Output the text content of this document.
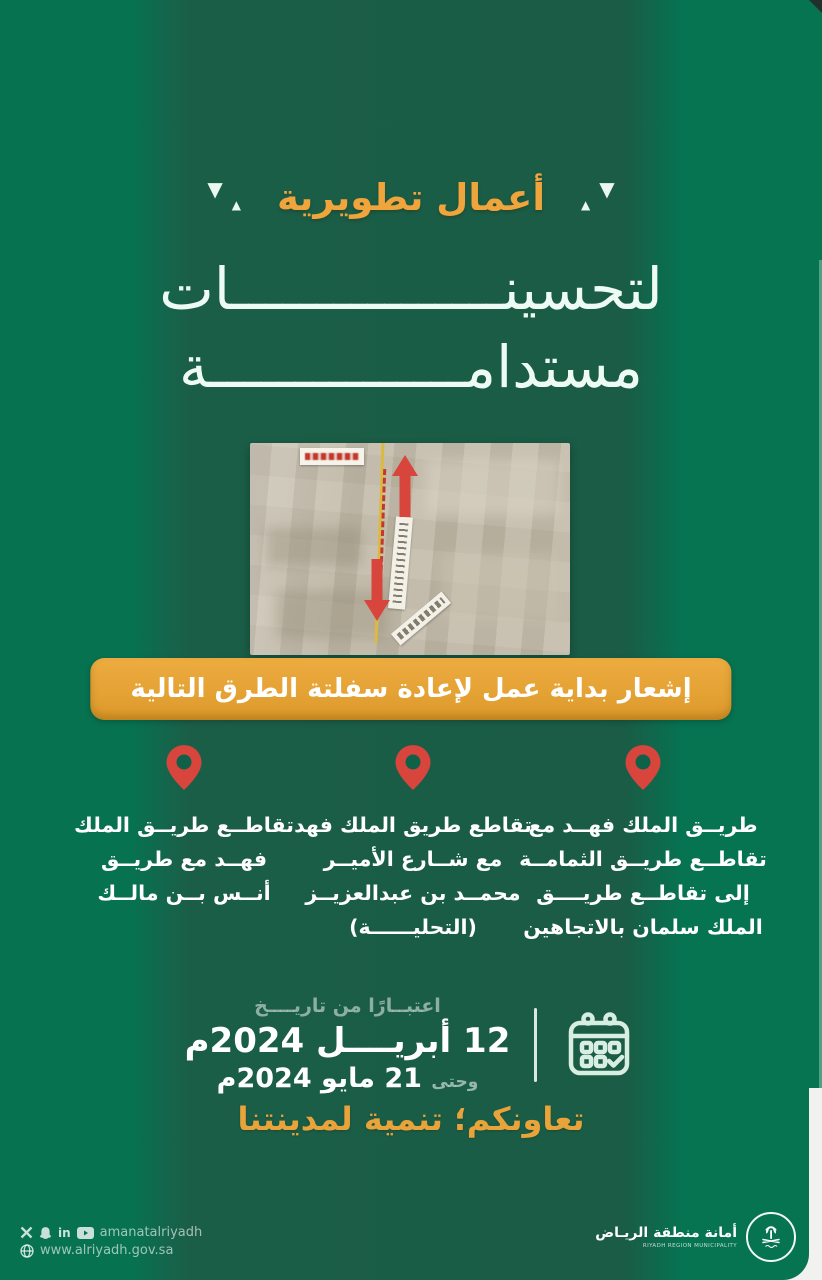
▼
▲ أعمال تطويرية	▲
▼
لتحسينــــــــــــــــات
مستدامـــــــــــــــة
إشعار بداية عمل لإعادة سفلتة الطرق التالية
طريــق الملك فهــد مع
تقاطــع طريــق الثمامــة
إلى تقاطــع طريــــق
الملك سلمان بالاتجاهين
تقاطع طريق الملك فهد
مع شــارع الأميــر
محمــد بن عبدالعزيــز
(التحليــــــة)
تقاطــع طريــق الملك
فهــد مع طريــق
أنــس بــن مالــك
اعتبــارًا من تاريــــخ
12 أبريــــل 2024م
وحتى 21 مايو 2024م
تعاونكم؛ تنمية لمدينتنا
in amanatalriyadh
www.alriyadh.gov.sa
أمانة منطقة الريـاض
RIYADH REGION MUNICIPALITY
